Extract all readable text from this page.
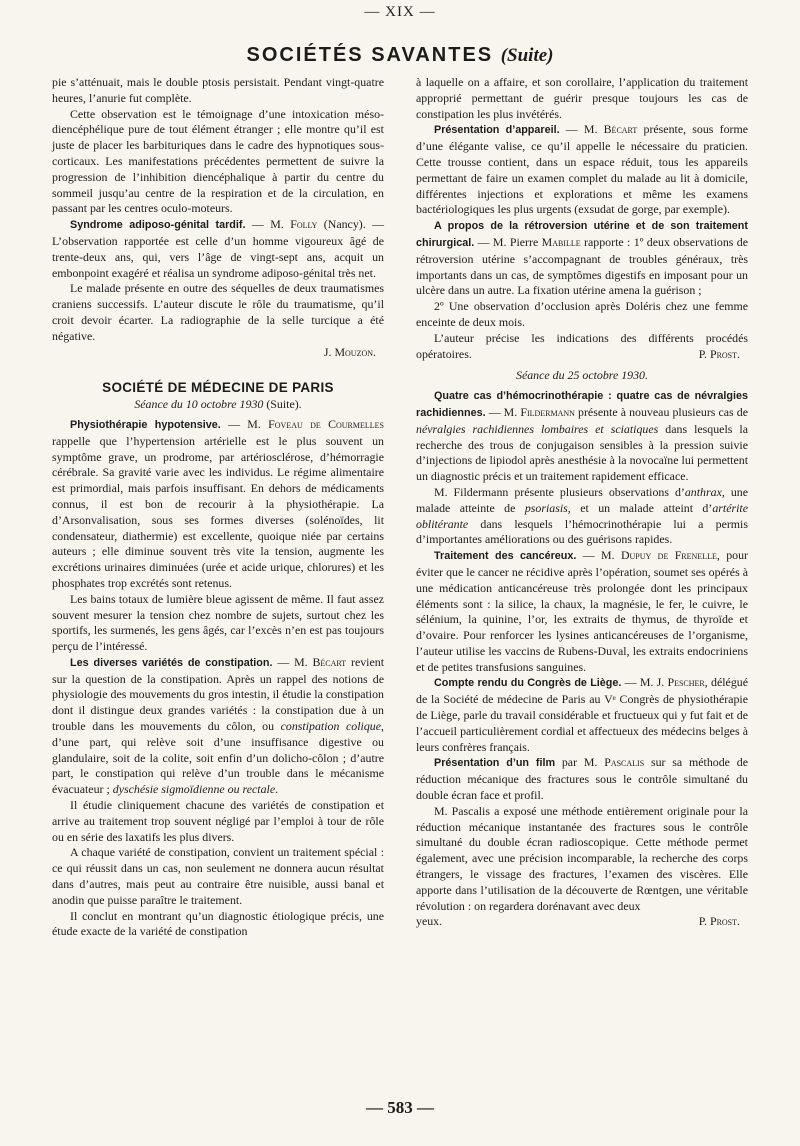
— XIX —
SOCIÉTÉS SAVANTES (Suite)

pie s’atténuait, mais le double ptosis persistait. Pendant vingt-quatre heures, l’anurie fut complète.

Cette observation est le témoignage d’une intoxication méso-diencéphélique pure de tout élément étranger ; elle montre qu’il est juste de placer les barbituriques dans le cadre des hypnotiques sous-corticaux. Les manifestations précédentes permettent de suivre la progression de l’inhibition diencéphalique à partir du centre du sommeil jusqu’au centre de la respiration et de la circulation, en passant par les centres oculo-moteurs.

Syndrome adiposo-génital tardif. — M. Folly (Nancy). — L’observation rapportée est celle d’un homme vigoureux âgé de trente-deux ans, qui, vers l’âge de vingt-sept ans, acquit un embonpoint exagéré et réalisa un syndrome adiposo-génital très net.

Le malade présente en outre des séquelles de deux traumatismes craniens successifs. L’auteur discute le rôle du traumatisme, qu’il croit devoir écarter. La radiographie de la selle turcique a été négative.

J. Mouzon.

SOCIÉTÉ DE MÉDECINE DE PARIS

Séance du 10 octobre 1930 (Suite).

Physiothérapie hypotensive. — M. Foveau de Courmelles rappelle que l’hypertension artérielle est le plus souvent un symptôme grave, un prodrome, par artériosclérose, d’hémorragie cérébrale. Sa gravité varie avec les individus. Le régime alimentaire est primordial, mais parfois insuffisant. En dehors de médicaments connus, il est bon de recourir à la physiothérapie. La d’Arsonvalisation, sous ses formes diverses (solénoïdes, lit condensateur, diathermie) est excellente, quoique niée par certains auteurs ; elle diminue souvent très vite la tension, augmente les excrétions urinaires diminuées (urée et acide urique, chlorures) et les phosphates trop excrétés sont retenus.

Les bains totaux de lumière bleue agissent de même. Il faut assez souvent mesurer la tension chez nombre de sujets, surtout chez les sportifs, les surmenés, les gens âgés, car l’excès n’en est pas toujours perçu de l’intéressé.

Les diverses variétés de constipation. — M. Bécart revient sur la question de la constipation. Après un rappel des notions de physiologie des mouvements du gros intestin, il étudie la constipation dont il distingue deux grandes variétés : la constipation due à un trouble dans les mouvements du côlon, ou constipation colique, d’une part, qui relève soit d’une insuffisance digestive ou glandulaire, soit de la colite, soit enfin d’un dolicho-côlon ; d’autre part, le constipation qui relève d’un trouble dans le mécanisme évacuateur ; dyschésie sigmoïdienne ou rectale.

Il étudie cliniquement chacune des variétés de constipation et arrive au traitement trop souvent négligé par l’emploi à tour de rôle ou en série des laxatifs les plus divers.

A chaque variété de constipation, convient un traitement spécial : ce qui réussit dans un cas, non seulement ne donnera aucun résultat dans d’autres, mais peut au contraire être nuisible, aussi banal et anodin que puisse paraître le traitement.

Il conclut en montrant qu’un diagnostic étiologique précis, une étude exacte de la variété de constipation

à laquelle on a affaire, et son corollaire, l’application du traitement approprié permettant de guérir presque toujours les cas de constipation les plus invétérés.

Présentation d’appareil. — M. Bécart présente, sous forme d’une élégante valise, ce qu’il appelle le nécessaire du praticien. Cette trousse contient, dans un espace réduit, tous les appareils permettant de faire un examen complet du malade au lit à domicile, différentes injections et explorations et même les examens bactériologiques les plus urgents (exsudat de gorge, par exemple).

A propos de la rétroversion utérine et de son traitement chirurgical. — M. Pierre Mabille rapporte : 1º deux observations de rétroversion utérine s’accompagnant de troubles généraux, très importants dans un cas, de symptômes digestifs en imposant pour un ulcère dans un autre. La fixation utérine amena la guérison ;

2º Une observation d’occlusion après Doléris chez une femme enceinte de deux mois.

L’auteur précise les indications des différents procédés opératoires.	P. Prost.

Séance du 25 octobre 1930.

Quatre cas d’hémocrinothérapie : quatre cas de névralgies rachidiennes. — M. Fildermann présente à nouveau plusieurs cas de névralgies rachidiennes lombaires et sciatiques dans lesquels la recherche des trous de conjugaison sensibles à la pression suivie d’injections de lipiodol après anesthésie à la novocaïne lui permettent un diagnostic précis et un traitement rapidement efficace.

M. Fildermann présente plusieurs observations d’anthrax, une malade atteinte de psoriasis, et un malade atteint d’artérite oblitérante dans lesquels l’hémocrinothérapie lui a permis d’importantes améliorations ou des guérisons rapides.

Traitement des cancéreux. — M. Dupuy de Frenelle, pour éviter que le cancer ne récidive après l’opération, soumet ses opérés à une médication anticancéreuse très prolongée dont les principaux éléments sont : la silice, la chaux, la magnésie, le fer, le cuivre, le sélénium, la quinine, l’or, les extraits de thymus, de thyroïde et d’ovaire. Pour renforcer les lysines anticancéreuses de l’organisme, l’auteur utilise les vaccins de Rubens-Duval, les extraits endocriniens et de petites transfusions sanguines.

Compte rendu du Congrès de Liège. — M. J. Pescher, délégué de la Société de médecine de Paris au Vᵉ Congrès de physiothérapie de Liège, parle du travail considérable et fructueux qui y fut fait et de l’accueil particulièrement cordial et affectueux des médecins belges à leurs confrères français.

Présentation d’un film par M. Pascalis sur sa méthode de réduction mécanique des fractures sous le contrôle simultané du double écran face et profil.

M. Pascalis a exposé une méthode entièrement originale pour la réduction mécanique instantanée des fractures sous le contrôle simultané du double écran radioscopique. Cette méthode permet également, avec une précision incomparable, la recherche des corps étrangers, le vissage des fractures, l’examen des viscères. Elle apporte dans l’utilisation de la découverte de Rœntgen, une véritable révolution : on regardera dorénavant avec deux

yeux.	P. Prost.

— 583 —
